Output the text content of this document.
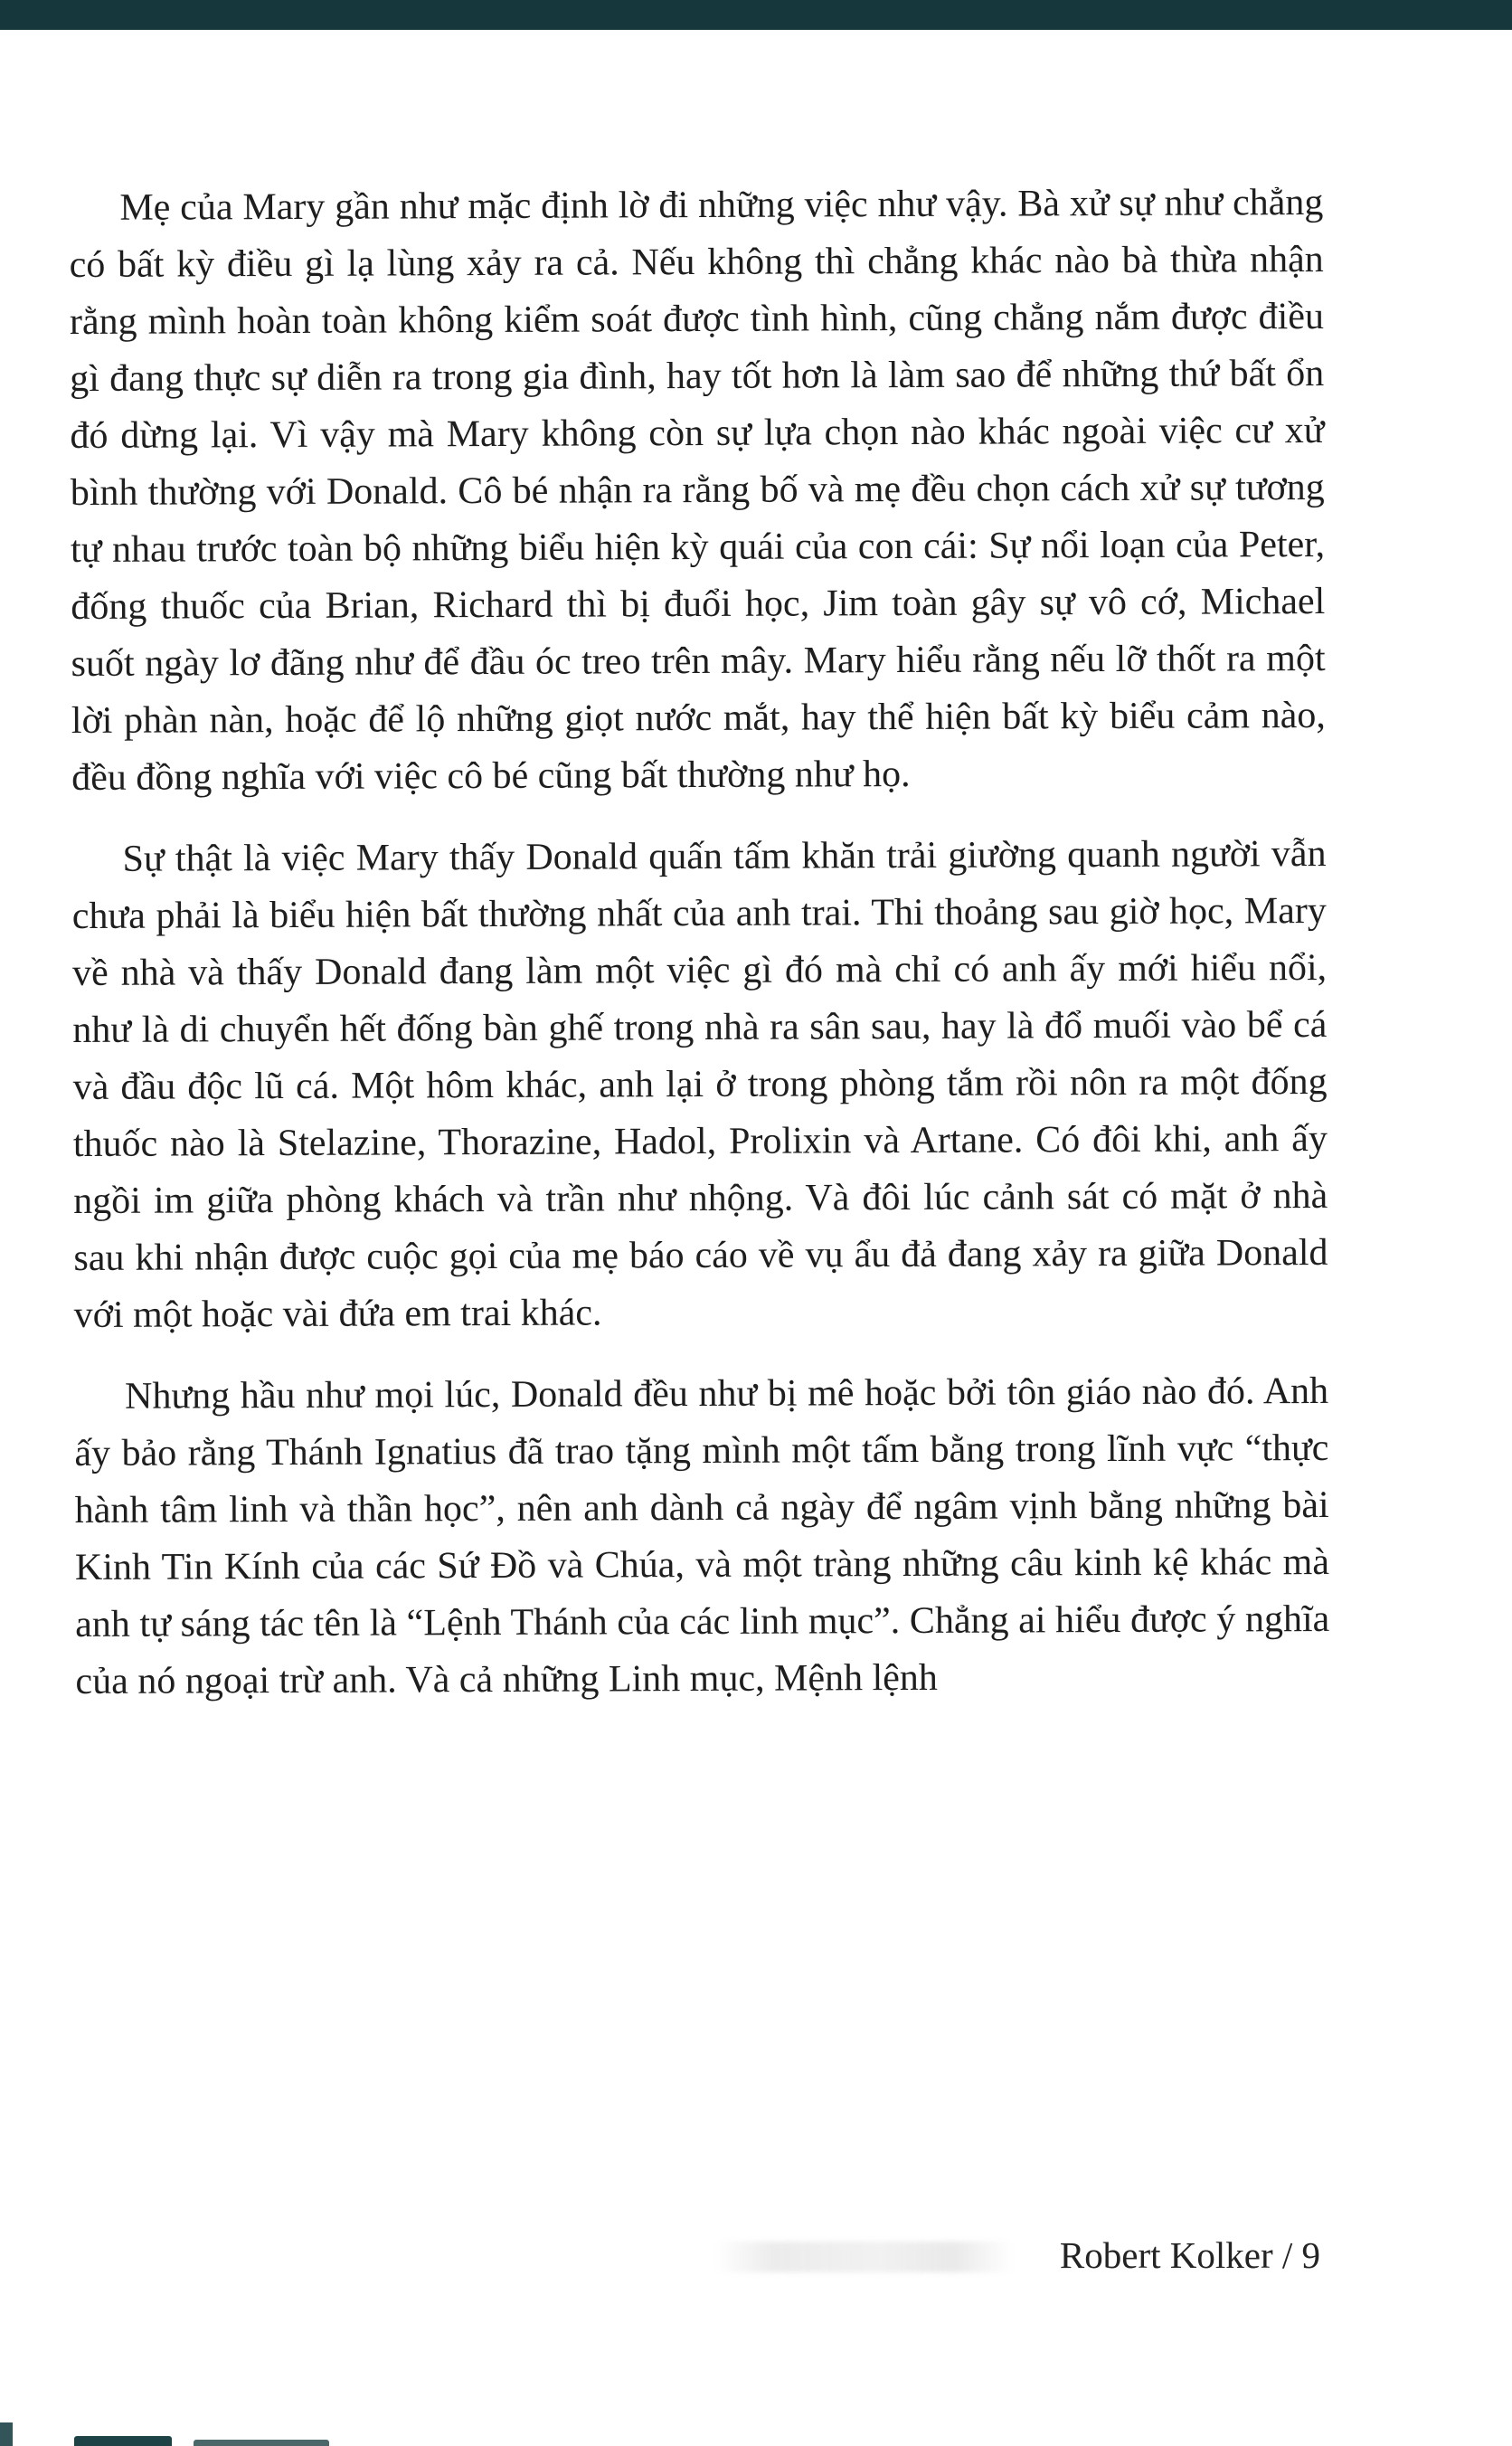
Mẹ của Mary gần như mặc định lờ đi những việc như vậy. Bà xử sự như chẳng có bất kỳ điều gì lạ lùng xảy ra cả. Nếu không thì chẳng khác nào bà thừa nhận rằng mình hoàn toàn không kiểm soát được tình hình, cũng chẳng nắm được điều gì đang thực sự diễn ra trong gia đình, hay tốt hơn là làm sao để những thứ bất ổn đó dừng lại. Vì vậy mà Mary không còn sự lựa chọn nào khác ngoài việc cư xử bình thường với Donald. Cô bé nhận ra rằng bố và mẹ đều chọn cách xử sự tương tự nhau trước toàn bộ những biểu hiện kỳ quái của con cái: Sự nổi loạn của Peter, đống thuốc của Brian, Richard thì bị đuổi học, Jim toàn gây sự vô cớ, Michael suốt ngày lơ đãng như để đầu óc treo trên mây. Mary hiểu rằng nếu lỡ thốt ra một lời phàn nàn, hoặc để lộ những giọt nước mắt, hay thể hiện bất kỳ biểu cảm nào, đều đồng nghĩa với việc cô bé cũng bất thường như họ.

Sự thật là việc Mary thấy Donald quấn tấm khăn trải giường quanh người vẫn chưa phải là biểu hiện bất thường nhất của anh trai. Thi thoảng sau giờ học, Mary về nhà và thấy Donald đang làm một việc gì đó mà chỉ có anh ấy mới hiểu nổi, như là di chuyển hết đống bàn ghế trong nhà ra sân sau, hay là đổ muối vào bể cá và đầu độc lũ cá. Một hôm khác, anh lại ở trong phòng tắm rồi nôn ra một đống thuốc nào là Stelazine, Thorazine, Hadol, Prolixin và Artane. Có đôi khi, anh ấy ngồi im giữa phòng khách và trần như nhộng. Và đôi lúc cảnh sát có mặt ở nhà sau khi nhận được cuộc gọi của mẹ báo cáo về vụ ẩu đả đang xảy ra giữa Donald với một hoặc vài đứa em trai khác.

Nhưng hầu như mọi lúc, Donald đều như bị mê hoặc bởi tôn giáo nào đó. Anh ấy bảo rằng Thánh Ignatius đã trao tặng mình một tấm bằng trong lĩnh vực “thực hành tâm linh và thần học”, nên anh dành cả ngày để ngâm vịnh bằng những bài Kinh Tin Kính của các Sứ Đồ và Chúa, và một tràng những câu kinh kệ khác mà anh tự sáng tác tên là “Lệnh Thánh của các linh mục”. Chẳng ai hiểu được ý nghĩa của nó ngoại trừ anh. Và cả những Linh mục, Mệnh lệnh

Robert Kolker / 9
